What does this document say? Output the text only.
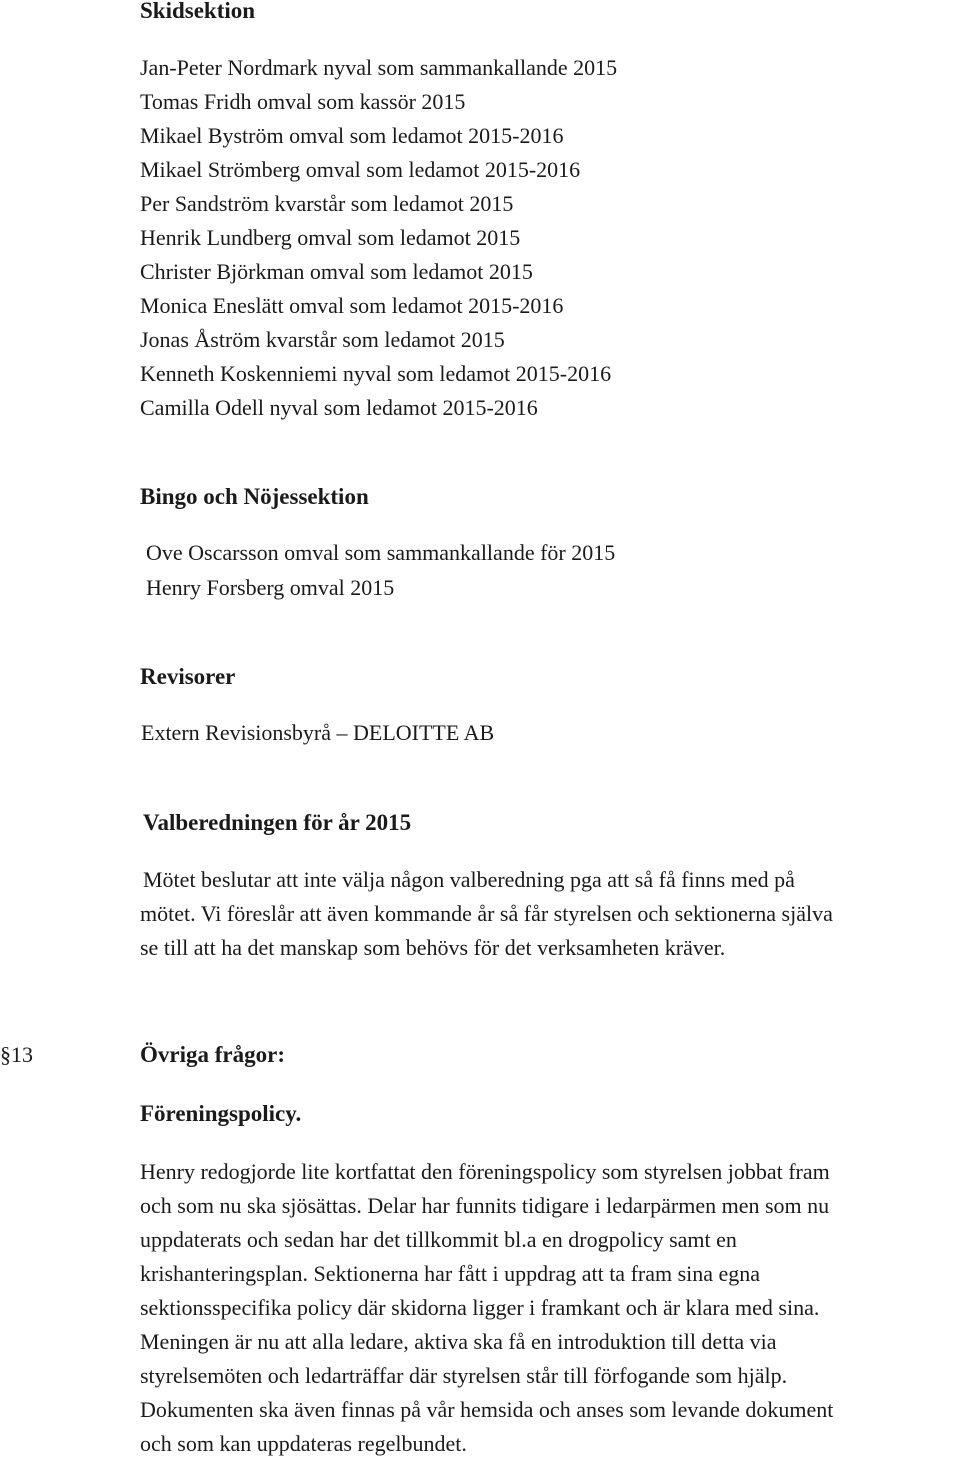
Skidsektion

Jan-Peter Nordmark nyval som sammankallande 2015

Tomas Fridh omval som kassör 2015

Mikael Byström omval som ledamot 2015-2016

Mikael Strömberg omval som ledamot 2015-2016

Per Sandström kvarstår som ledamot 2015

Henrik Lundberg omval som ledamot 2015

Christer Björkman omval som ledamot 2015

Monica Eneslätt omval som ledamot 2015-2016

Jonas Åström kvarstår som ledamot 2015

Kenneth Koskenniemi nyval som ledamot 2015-2016

Camilla Odell nyval som ledamot 2015-2016

Bingo och Nöjessektion

Ove Oscarsson omval som sammankallande för 2015

Henry Forsberg omval 2015

Revisorer

Extern Revisionsbyrå – DELOITTE AB

Valberedningen för år 2015
Mötet beslutar att inte välja någon valberedning pga att så få finns med på
mötet. Vi föreslår att även kommande år så får styrelsen och sektionerna själva
se till att ha det manskap som behövs för det verksamheten kräver.
§13	Övriga frågor:
Föreningspolicy.
Henry redogjorde lite kortfattat den föreningspolicy som styrelsen jobbat fram
och som nu ska sjösättas. Delar har funnits tidigare i ledarpärmen men som nu
uppdaterats och sedan har det tillkommit bl.a en drogpolicy samt en
krishanteringsplan. Sektionerna har fått i uppdrag att ta fram sina egna
sektionsspecifika policy där skidorna ligger i framkant och är klara med sina.
Meningen är nu att alla ledare, aktiva ska få en introduktion till detta via
styrelsemöten och ledarträffar där styrelsen står till förfogande som hjälp.
Dokumenten ska även finnas på vår hemsida och anses som levande dokument
och som kan uppdateras regelbundet.
